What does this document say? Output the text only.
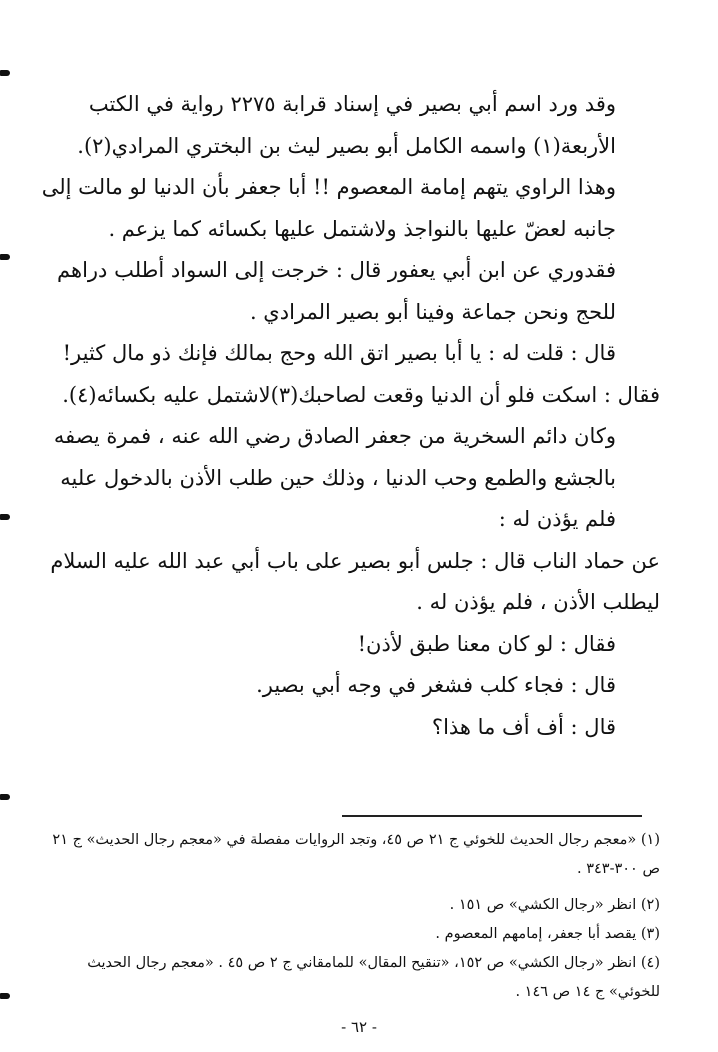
وقد ورد اسم أبي بصير في إسناد قرابة ٢٢٧٥ رواية في الكتب الأربعة(١) واسمه الكامل أبو بصير ليث بن البختري المرادي(٢).

وهذا الراوي يتهم إمامة المعصوم !! أبا جعفر بأن الدنيا لو مالت إلى جانبه لعضّ عليها بالنواجذ ولاشتمل عليها بكسائه كما يزعم .

فقدوري عن ابن أبي يعفور قال : خرجت إلى السواد أطلب دراهم للحج ونحن جماعة وفينا أبو بصير المرادي .

قال : قلت له : يا أبا بصير اتق الله وحج بمالك فإنك ذو مال كثير!

فقال : اسكت فلو أن الدنيا وقعت لصاحبك(٣)لاشتمل عليه بكسائه(٤).

وكان دائم السخرية من جعفر الصادق رضي الله عنه ، فمرة يصفه بالجشع والطمع وحب الدنيا ، وذلك حين طلب الأذن بالدخول عليه فلم يؤذن له :

عن حماد الناب قال : جلس أبو بصير على باب أبي عبد الله عليه السلام ليطلب الأذن ، فلم يؤذن له .

فقال : لو كان معنا طبق لأذن!

قال : فجاء كلب فشغر في وجه أبي بصير.

قال : أف أف ما هذا؟

(١) «معجم رجال الحديث للخوئي ج ٢١ ص ٤٥، وتجد الروايات مفصلة في «معجم رجال الحديث» ج ٢١ ص ٣٠٠-٣٤٣ .

(٢) انظر «رجال الكشي» ص ١٥١ .

(٣) يقصد أبا جعفر، إمامهم المعصوم .

(٤) انظر «رجال الكشي» ص ١٥٢، «تنقيح المقال» للمامقاني ج ٢ ص ٤٥ . «معجم رجال الحديث للخوئي» ج ١٤ ص ١٤٦ .

- ٦٢ -
